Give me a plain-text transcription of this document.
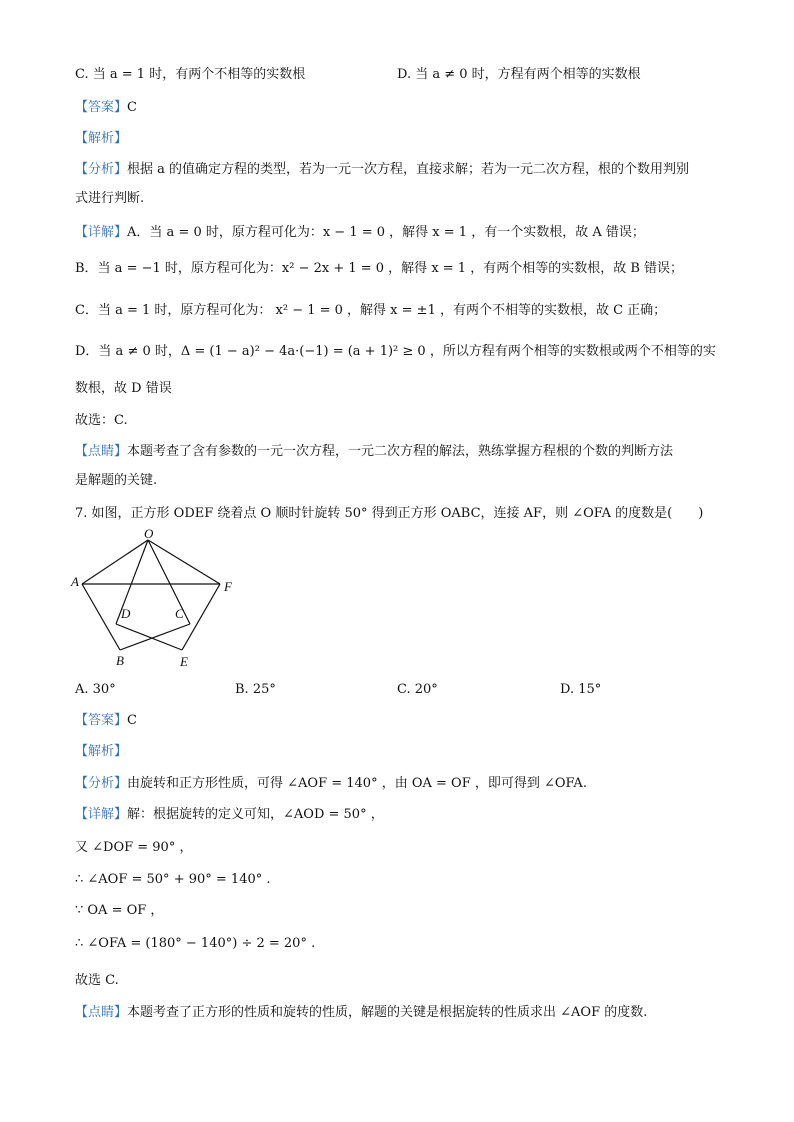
C. 当 a = 1 时，有两个不相等的实数根	D. 当 a ≠ 0 时，方程有两个相等的实数根
【答案】C
【解析】
【分析】根据 a 的值确定方程的类型，若为一元一次方程，直接求解；若为一元二次方程，根的个数用判别
式进行判断.
【详解】A．当 a = 0 时，原方程可化为：x − 1 = 0 ，解得 x = 1 ，有一个实数根，故 A 错误；
B．当 a = −1 时，原方程可化为：x² − 2x + 1 = 0 ，解得 x = 1 ，有两个相等的实数根，故 B 错误；
C．当 a = 1 时，原方程可化为： x² − 1 = 0 ，解得 x = ±1 ，有两个不相等的实数根，故 C 正确；
D．当 a ≠ 0 时，Δ = (1 − a)² − 4a·(−1) = (a + 1)² ≥ 0 ，所以方程有两个相等的实数根或两个不相等的实
数根，故 D 错误
故选：C.
【点睛】本题考查了含有参数的一元一次方程，一元二次方程的解法，熟练掌握方程根的个数的判断方法
是解题的关键.
7. 如图，正方形 ODEF 绕着点 O 顺时针旋转 50° 得到正方形 OABC，连接 AF，则 ∠OFA 的度数是(　　)
O
A	F
D	C
B	E
A. 30°	B. 25°	C. 20°	D. 15°
【答案】C
【解析】
【分析】由旋转和正方形性质，可得 ∠AOF = 140° ，由 OA = OF ，即可得到 ∠OFA.
【详解】解：根据旋转的定义可知，∠AOD = 50° ，
又 ∠DOF = 90° ，
∴ ∠AOF = 50° + 90° = 140° .
∵ OA = OF ，
∴ ∠OFA = (180° − 140°) ÷ 2 = 20° .
故选 C.
【点睛】本题考查了正方形的性质和旋转的性质，解题的关键是根据旋转的性质求出 ∠AOF 的度数.
